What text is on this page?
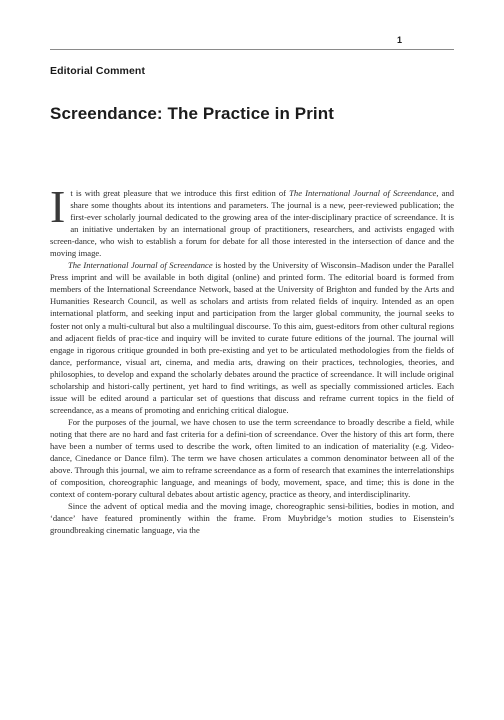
1
Editorial Comment
Screendance: The Practice in Print

It is with great pleasure that we introduce this first edition of The International Journal of Screendance, and share some thoughts about its intentions and parameters. The journal is a new, peer-reviewed publication; the first-ever scholarly journal dedicated to the growing area of the inter-disciplinary practice of screendance. It is an initiative undertaken by an international group of practitioners, researchers, and activists engaged with screen-dance, who wish to establish a forum for debate for all those interested in the intersection of dance and the moving image.

The International Journal of Screendance is hosted by the University of Wisconsin–Madison under the Parallel Press imprint and will be available in both digital (online) and printed form. The editorial board is formed from members of the International Screendance Network, based at the University of Brighton and funded by the Arts and Humanities Research Council, as well as scholars and artists from related fields of inquiry. Intended as an open international platform, and seeking input and participation from the larger global community, the journal seeks to foster not only a multi-cultural but also a multilingual discourse. To this aim, guest-editors from other cultural regions and adjacent fields of prac-tice and inquiry will be invited to curate future editions of the journal. The journal will engage in rigorous critique grounded in both pre-existing and yet to be articulated methodologies from the fields of dance, performance, visual art, cinema, and media arts, drawing on their practices, technologies, theories, and philosophies, to develop and expand the scholarly debates around the practice of screendance. It will include original scholarship and histori-cally pertinent, yet hard to find writings, as well as specially commissioned articles. Each issue will be edited around a particular set of questions that discuss and reframe current topics in the field of screendance, as a means of promoting and enriching critical dialogue.

For the purposes of the journal, we have chosen to use the term screendance to broadly describe a field, while noting that there are no hard and fast criteria for a defini-tion of screendance. Over the history of this art form, there have been a number of terms used to describe the work, often limited to an indication of materiality (e.g. Video-dance, Cinedance or Dance film). The term we have chosen articulates a common denominator between all of the above. Through this journal, we aim to reframe screendance as a form of research that examines the interrelationships of composition, choreographic language, and meanings of body, movement, space, and time; this is done in the context of contem-porary cultural debates about artistic agency, practice as theory, and interdisciplinarity.

Since the advent of optical media and the moving image, choreographic sensi-bilities, bodies in motion, and ‘dance’ have featured prominently within the frame. From Muybridge’s motion studies to Eisenstein’s groundbreaking cinematic language, via the
